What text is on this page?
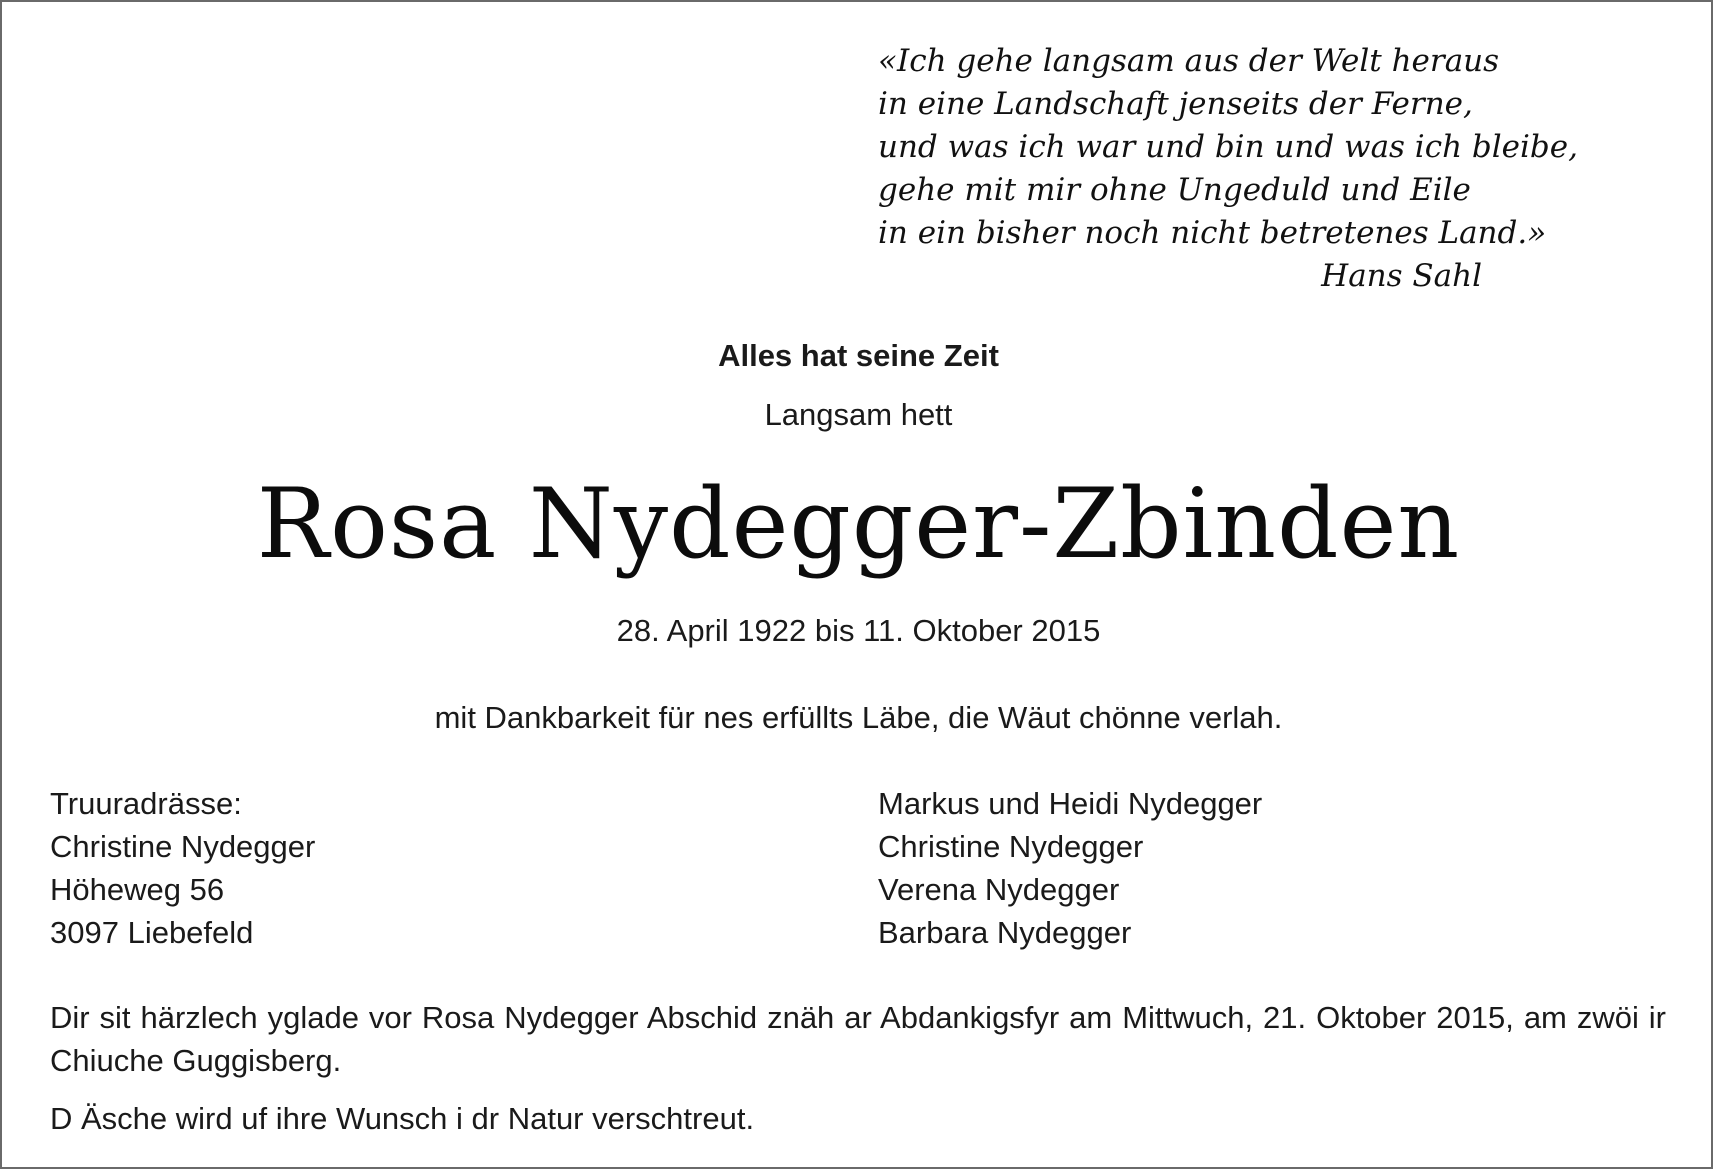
«Ich gehe langsam aus der Welt heraus
in eine Landschaft jenseits der Ferne,
und was ich war und bin und was ich bleibe,
gehe mit mir ohne Ungeduld und Eile
in ein bisher noch nicht betretenes Land.»
Hans Sahl
Alles hat seine Zeit
Langsam hett
Rosa Nydegger-Zbinden
28. April 1922 bis 11. Oktober 2015
mit Dankbarkeit für nes erfüllts Läbe, die Wäut chönne verlah.
Truuradrässe:
Christine Nydegger
Höheweg 56
3097 Liebefeld
Markus und Heidi Nydegger
Christine Nydegger
Verena Nydegger
Barbara Nydegger
Dir sit härzlech yglade vor Rosa Nydegger Abschid znäh ar Abdankigsfyr am Mittwuch, 21. Oktober 2015, am zwöi ir Chiuche Guggisberg.
D Äsche wird uf ihre Wunsch i dr Natur verschtreut.
